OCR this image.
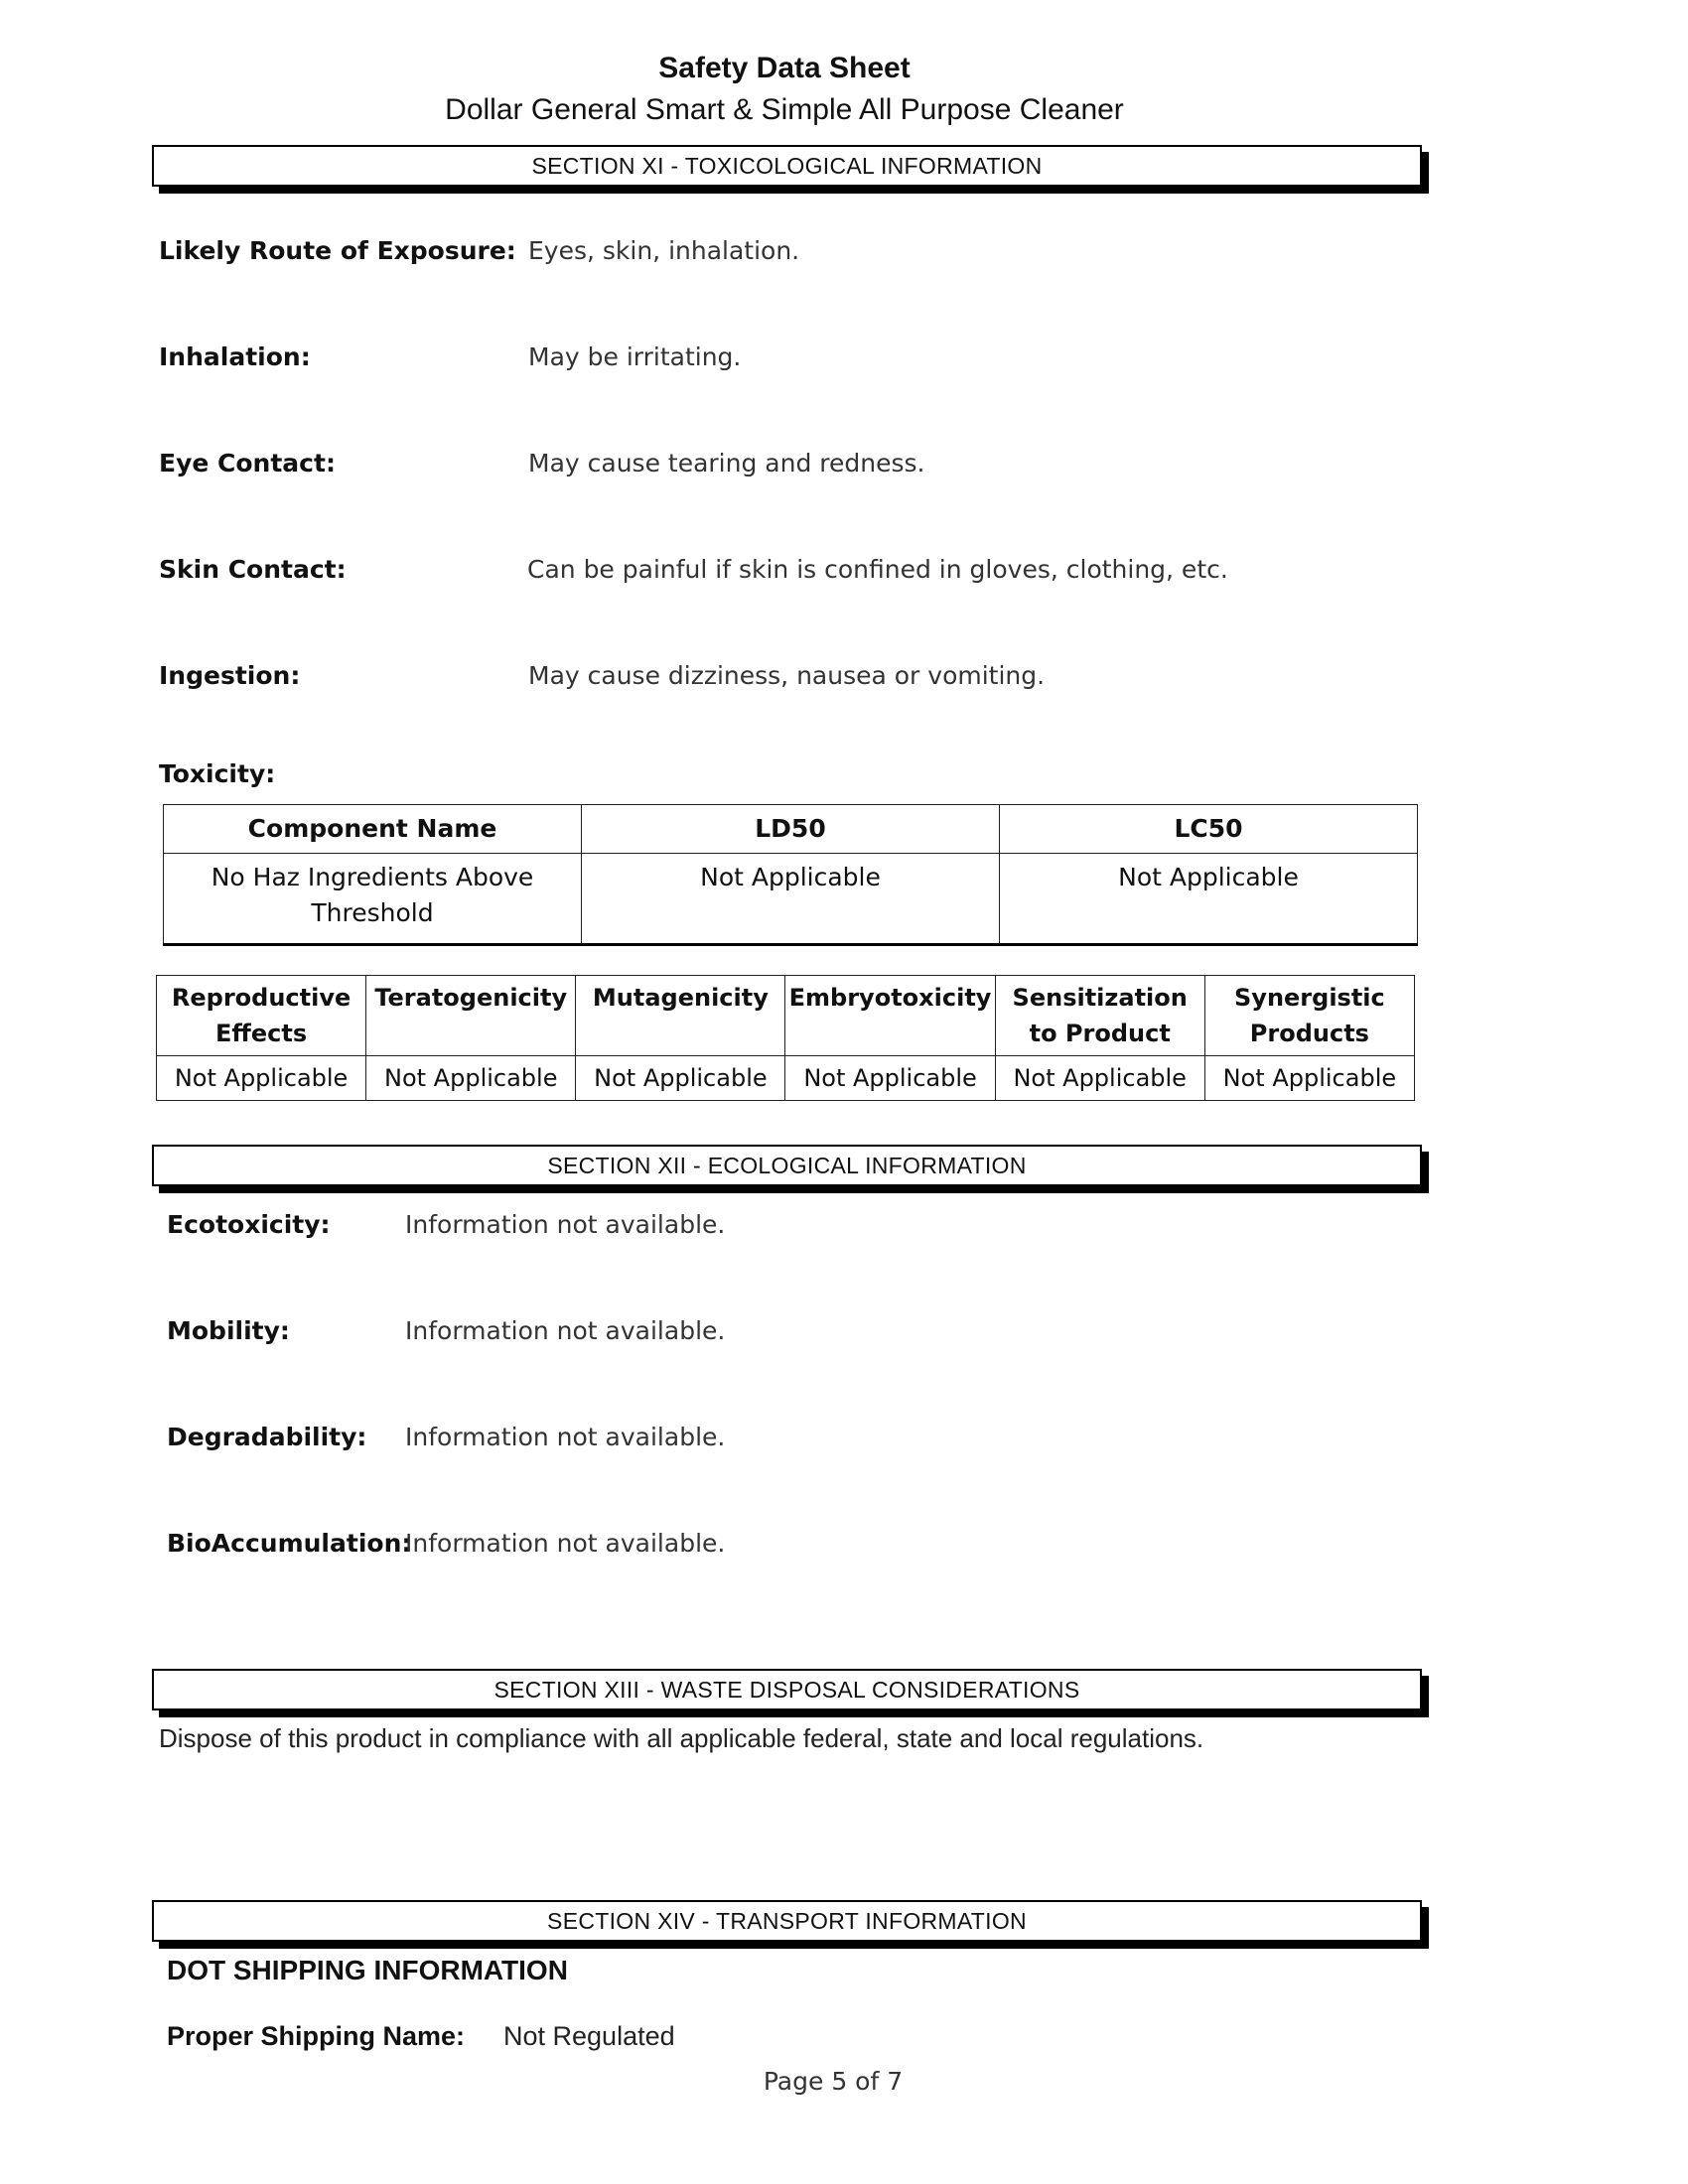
Safety Data Sheet
Dollar General Smart & Simple All Purpose Cleaner
SECTION XI - TOXICOLOGICAL INFORMATION
Likely Route of Exposure: Eyes, skin, inhalation.
Inhalation:	May be irritating.
Eye Contact:	May cause tearing and redness.
Skin Contact:	Can be painful if skin is confined in gloves, clothing, etc.
Ingestion:	May cause dizziness, nausea or vomiting.
Toxicity:
Component Name	LD50	LC50
No Haz Ingredients Above Threshold	Not Applicable	Not Applicable
Reproductive Effects	Teratogenicity	Mutagenicity	Embryotoxicity	Sensitization to Product	Synergistic Products
Not Applicable	Not Applicable	Not Applicable	Not Applicable	Not Applicable	Not Applicable
SECTION XII - ECOLOGICAL INFORMATION
Ecotoxicity:	Information not available.
Mobility:	Information not available.
Degradability: Information not available.
BioAccumulation:
Information not available.
SECTION XIII - WASTE DISPOSAL CONSIDERATIONS
Dispose of this product in compliance with all applicable federal, state and local regulations.
SECTION XIV - TRANSPORT INFORMATION
DOT SHIPPING INFORMATION
Proper Shipping Name: Not Regulated
Page 5 of 7
